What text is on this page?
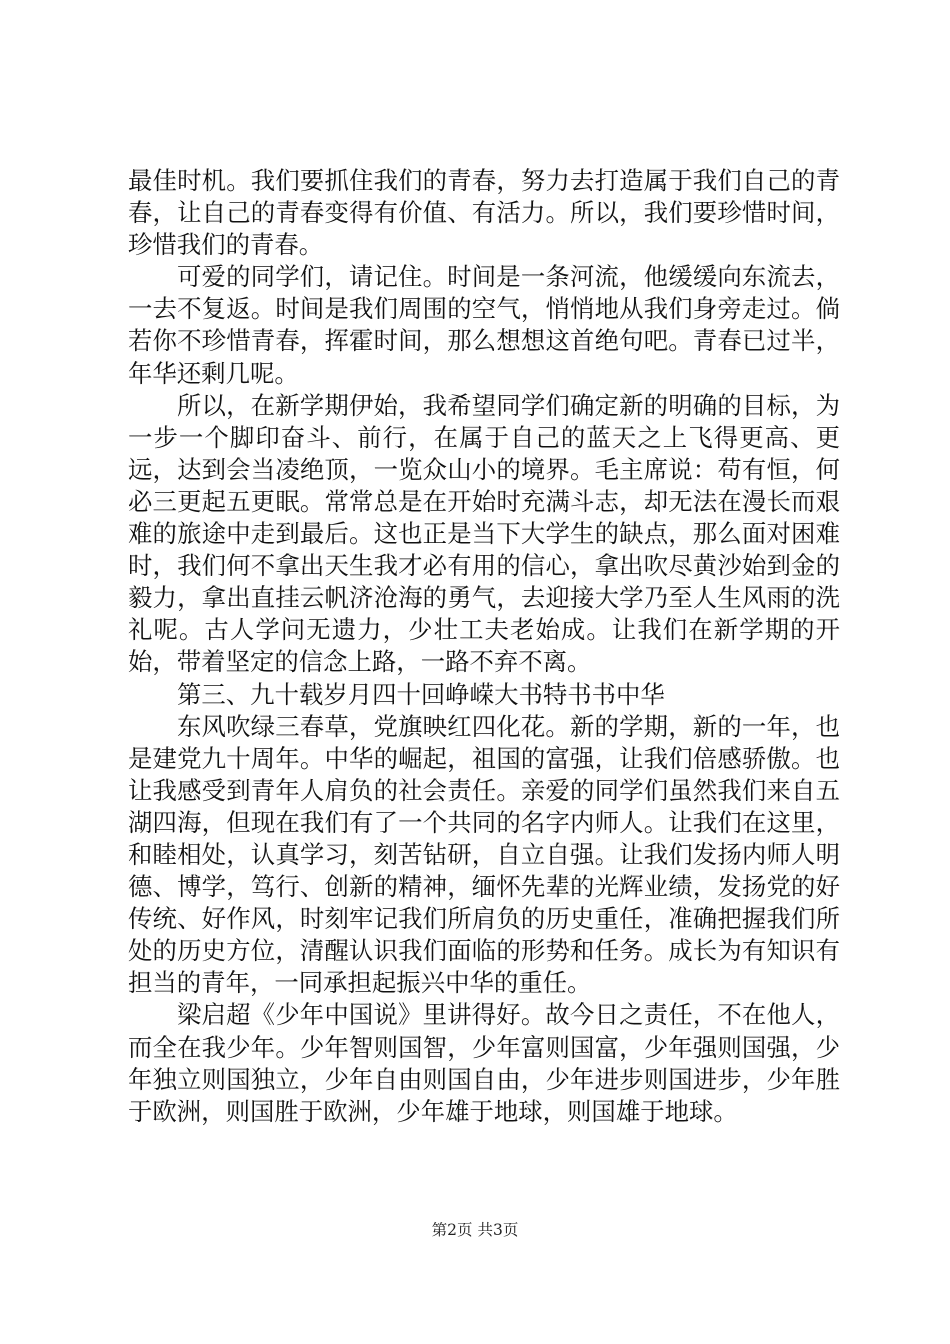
最佳时机。我们要抓住我们的青春，努力去打造属于我们自己的青春，让自己的青春变得有价值、有活力。所以，我们要珍惜时间，珍惜我们的青春。

可爱的同学们，请记住。时间是一条河流，他缓缓向东流去，一去不复返。时间是我们周围的空气，悄悄地从我们身旁走过。倘若你不珍惜青春，挥霍时间，那么想想这首绝句吧。青春已过半，年华还剩几呢。

所以，在新学期伊始，我希望同学们确定新的明确的目标，为一步一个脚印奋斗、前行，在属于自己的蓝天之上飞得更高、更远，达到会当凌绝顶，一览众山小的境界。毛主席说：苟有恒，何必三更起五更眠。常常总是在开始时充满斗志，却无法在漫长而艰难的旅途中走到最后。这也正是当下大学生的缺点，那么面对困难时，我们何不拿出天生我才必有用的信心，拿出吹尽黄沙始到金的毅力，拿出直挂云帆济沧海的勇气，去迎接大学乃至人生风雨的洗礼呢。古人学问无遗力，少壮工夫老始成。让我们在新学期的开始，带着坚定的信念上路，一路不弃不离。

第三、九十载岁月四十回峥嵘大书特书书中华

东风吹绿三春草，党旗映红四化花。新的学期，新的一年，也是建党九十周年。中华的崛起，祖国的富强，让我们倍感骄傲。也让我感受到青年人肩负的社会责任。亲爱的同学们虽然我们来自五湖四海，但现在我们有了一个共同的名字内师人。让我们在这里，和睦相处，认真学习，刻苦钻研，自立自强。让我们发扬内师人明德、博学，笃行、创新的精神，缅怀先辈的光辉业绩，发扬党的好传统、好作风，时刻牢记我们所肩负的历史重任，准确把握我们所处的历史方位，清醒认识我们面临的形势和任务。成长为有知识有担当的青年，一同承担起振兴中华的重任。

梁启超《少年中国说》里讲得好。故今日之责任，不在他人，而全在我少年。少年智则国智，少年富则国富，少年强则国强，少年独立则国独立，少年自由则国自由，少年进步则国进步，少年胜于欧洲，则国胜于欧洲，少年雄于地球，则国雄于地球。

第2页 共3页
